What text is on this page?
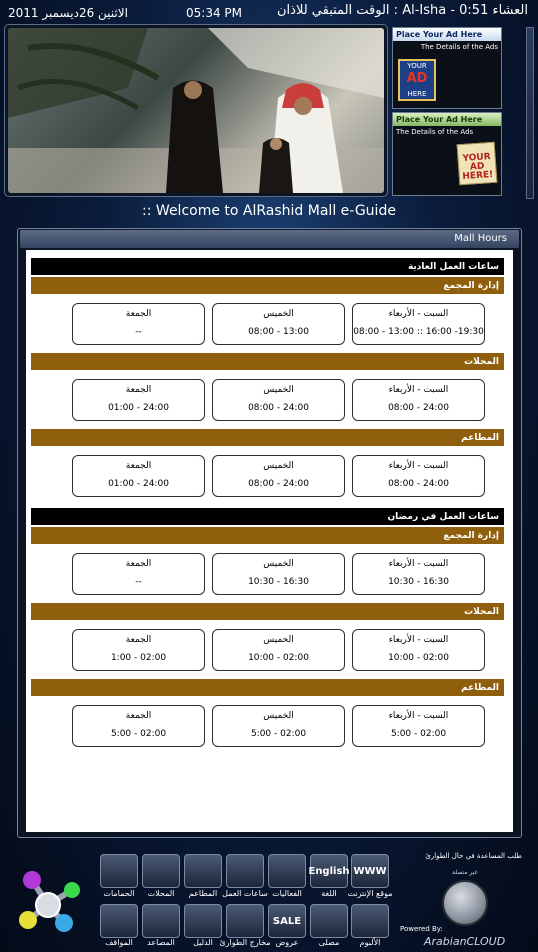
الاثنين 26ديسمبر 2011	05:34 PM	الوقت المتبقي للاذان : Al-Isha - 0:51 العشاء
Place Your Ad Here
The Details of the Ads
YOUR
AD
HERE
Place Your Ad Here
The Details of the Ads
YOUR AD HERE!
:: Welcome to AlRashid Mall e-Guide
Mall Hours
ساعات العمل العادية
إدارة المجمع
السبت - الأربعاء
08:00 - 13:00 :: 16:00 -19:30
الخميس
08:00 - 13:00
الجمعة
--
المحلات
السبت - الأربعاء
08:00 - 24:00
الخميس
08:00 - 24:00
الجمعة
01:00 - 24:00
المطاعم
السبت - الأربعاء
08:00 - 24:00
الخميس
08:00 - 24:00
الجمعة
01:00 - 24:00
ساعات العمل في رمضان
إدارة المجمع
السبت - الأربعاء
10:30 - 16:30
الخميس
10:30 - 16:30
الجمعة
--
المحلات
السبت - الأربعاء
10:00 - 02:00
الخميس
10:00 - 02:00
الجمعة
1:00 - 02:00
المطاعم
السبت - الأربعاء
5:00 - 02:00
الخميس
5:00 - 02:00
الجمعة
5:00 - 02:00
WWW
موقع الإنترنت
English
اللغة
الفعاليات
ساعات العمل
المطاعم
المحلات
الحمامات
الألبوم
مصلى
SALE
عروض
مخارج الطوارئ
الدليل
المصاعد
المواقف
طلب المساعدة في حال الطوارئ
غير متصلة
Powered By:
ArabianCLOUD
